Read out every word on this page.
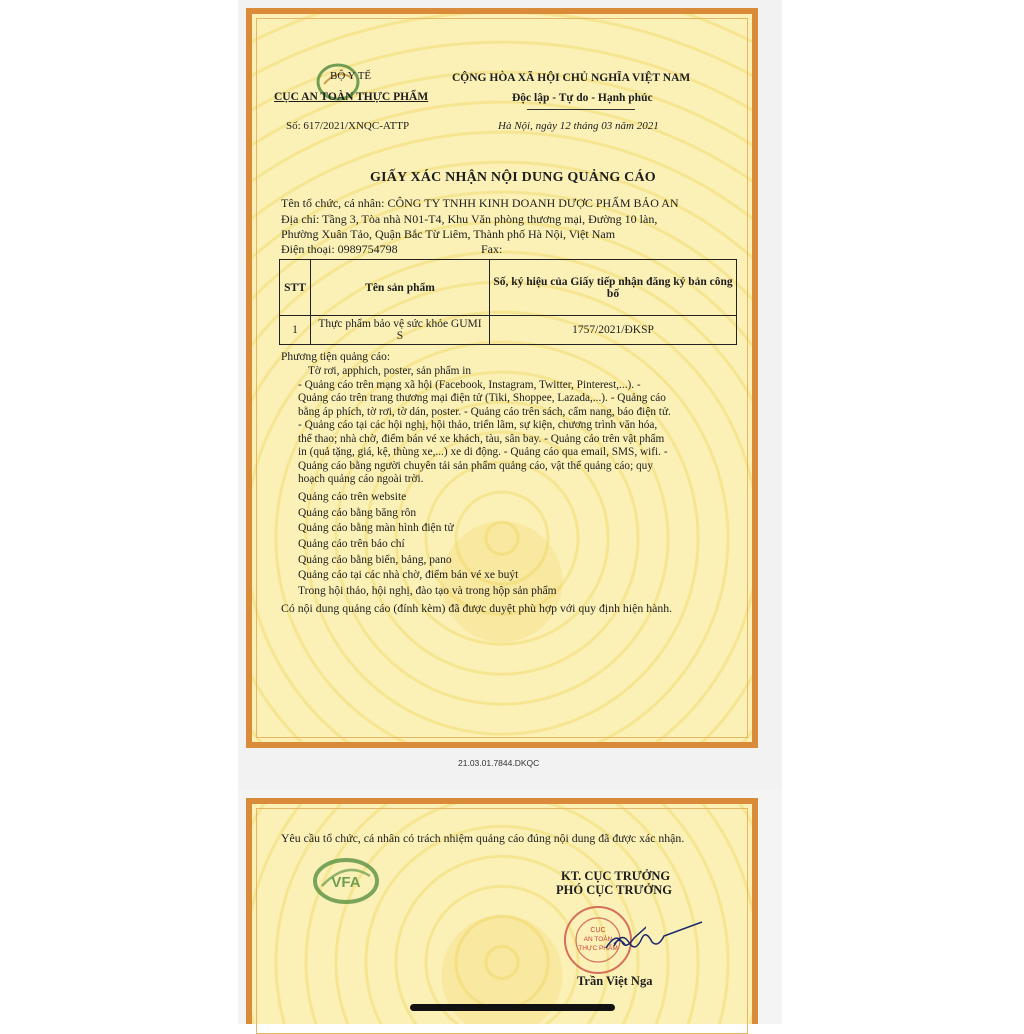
BỘ Y TẾ
CỤC AN TOÀN THỰC PHẨM
CỘNG HÒA XÃ HỘI CHỦ NGHĨA VIỆT NAM
Độc lập - Tự do - Hạnh phúc
Số: 617/2021/XNQC-ATTP	Hà Nội, ngày 12 tháng 03 năm 2021
GIẤY XÁC NHẬN NỘI DUNG QUẢNG CÁO
Tên tổ chức, cá nhân: CÔNG TY TNHH KINH DOANH DƯỢC PHẨM BẢO AN
Địa chỉ: Tầng 3, Tòa nhà N01-T4, Khu Văn phòng thương mại, Đường 10 làn,
Phường Xuân Tảo, Quận Bắc Từ Liêm, Thành phố Hà Nội, Việt Nam
Điện thoại: 0989754798	Fax:
STT	Tên sản phẩm	Số, ký hiệu của Giấy tiếp nhận đăng ký bản công bố
1	Thực phẩm bảo vệ sức khỏe GUMI S	1757/2021/ĐKSP
Phương tiện quảng cáo:
Tờ rơi, apphich, poster, sản phẩm in
- Quảng cáo trên mạng xã hội (Facebook, Instagram, Twitter, Pinterest,...). -
Quảng cáo trên trang thương mại điện tử (Tiki, Shoppee, Lazada,...). - Quảng cáo
bằng áp phích, tờ rơi, tờ dán, poster. - Quảng cáo trên sách, cẩm nang, báo điện tử.
- Quảng cáo tại các hội nghị, hội thảo, triển lãm, sự kiện, chương trình văn hóa,
thể thao; nhà chờ, điểm bán vé xe khách, tàu, sân bay. - Quảng cáo trên vật phẩm
in (quả tặng, giá, kệ, thùng xe,...) xe di động. - Quảng cáo qua email, SMS, wifi. -
Quảng cáo bằng người chuyên tải sản phẩm quảng cáo, vật thể quảng cáo; quy
hoạch quảng cáo ngoài trời.
Quảng cáo trên website
Quảng cáo bằng băng rôn
Quảng cáo bằng màn hình điện tử
Quảng cáo trên báo chí
Quảng cáo bằng biển, bảng, pano
Quảng cáo tại các nhà chờ, điểm bán vé xe buýt
Trong hội thảo, hội nghị, đào tạo và trong hộp sản phẩm
Có nội dung quảng cáo (đính kèm) đã được duyệt phù hợp với quy định hiện hành.
21.03.01.7844.DKQC
Yêu cầu tổ chức, cá nhân có trách nhiệm quảng cáo đúng nội dung đã được xác nhận.
VFA	KT. CỤC TRƯỞNG
PHÓ CỤC TRƯỞNG
CỤC
AN TOÀN
THỰC PHẨM
Trần Việt Nga
